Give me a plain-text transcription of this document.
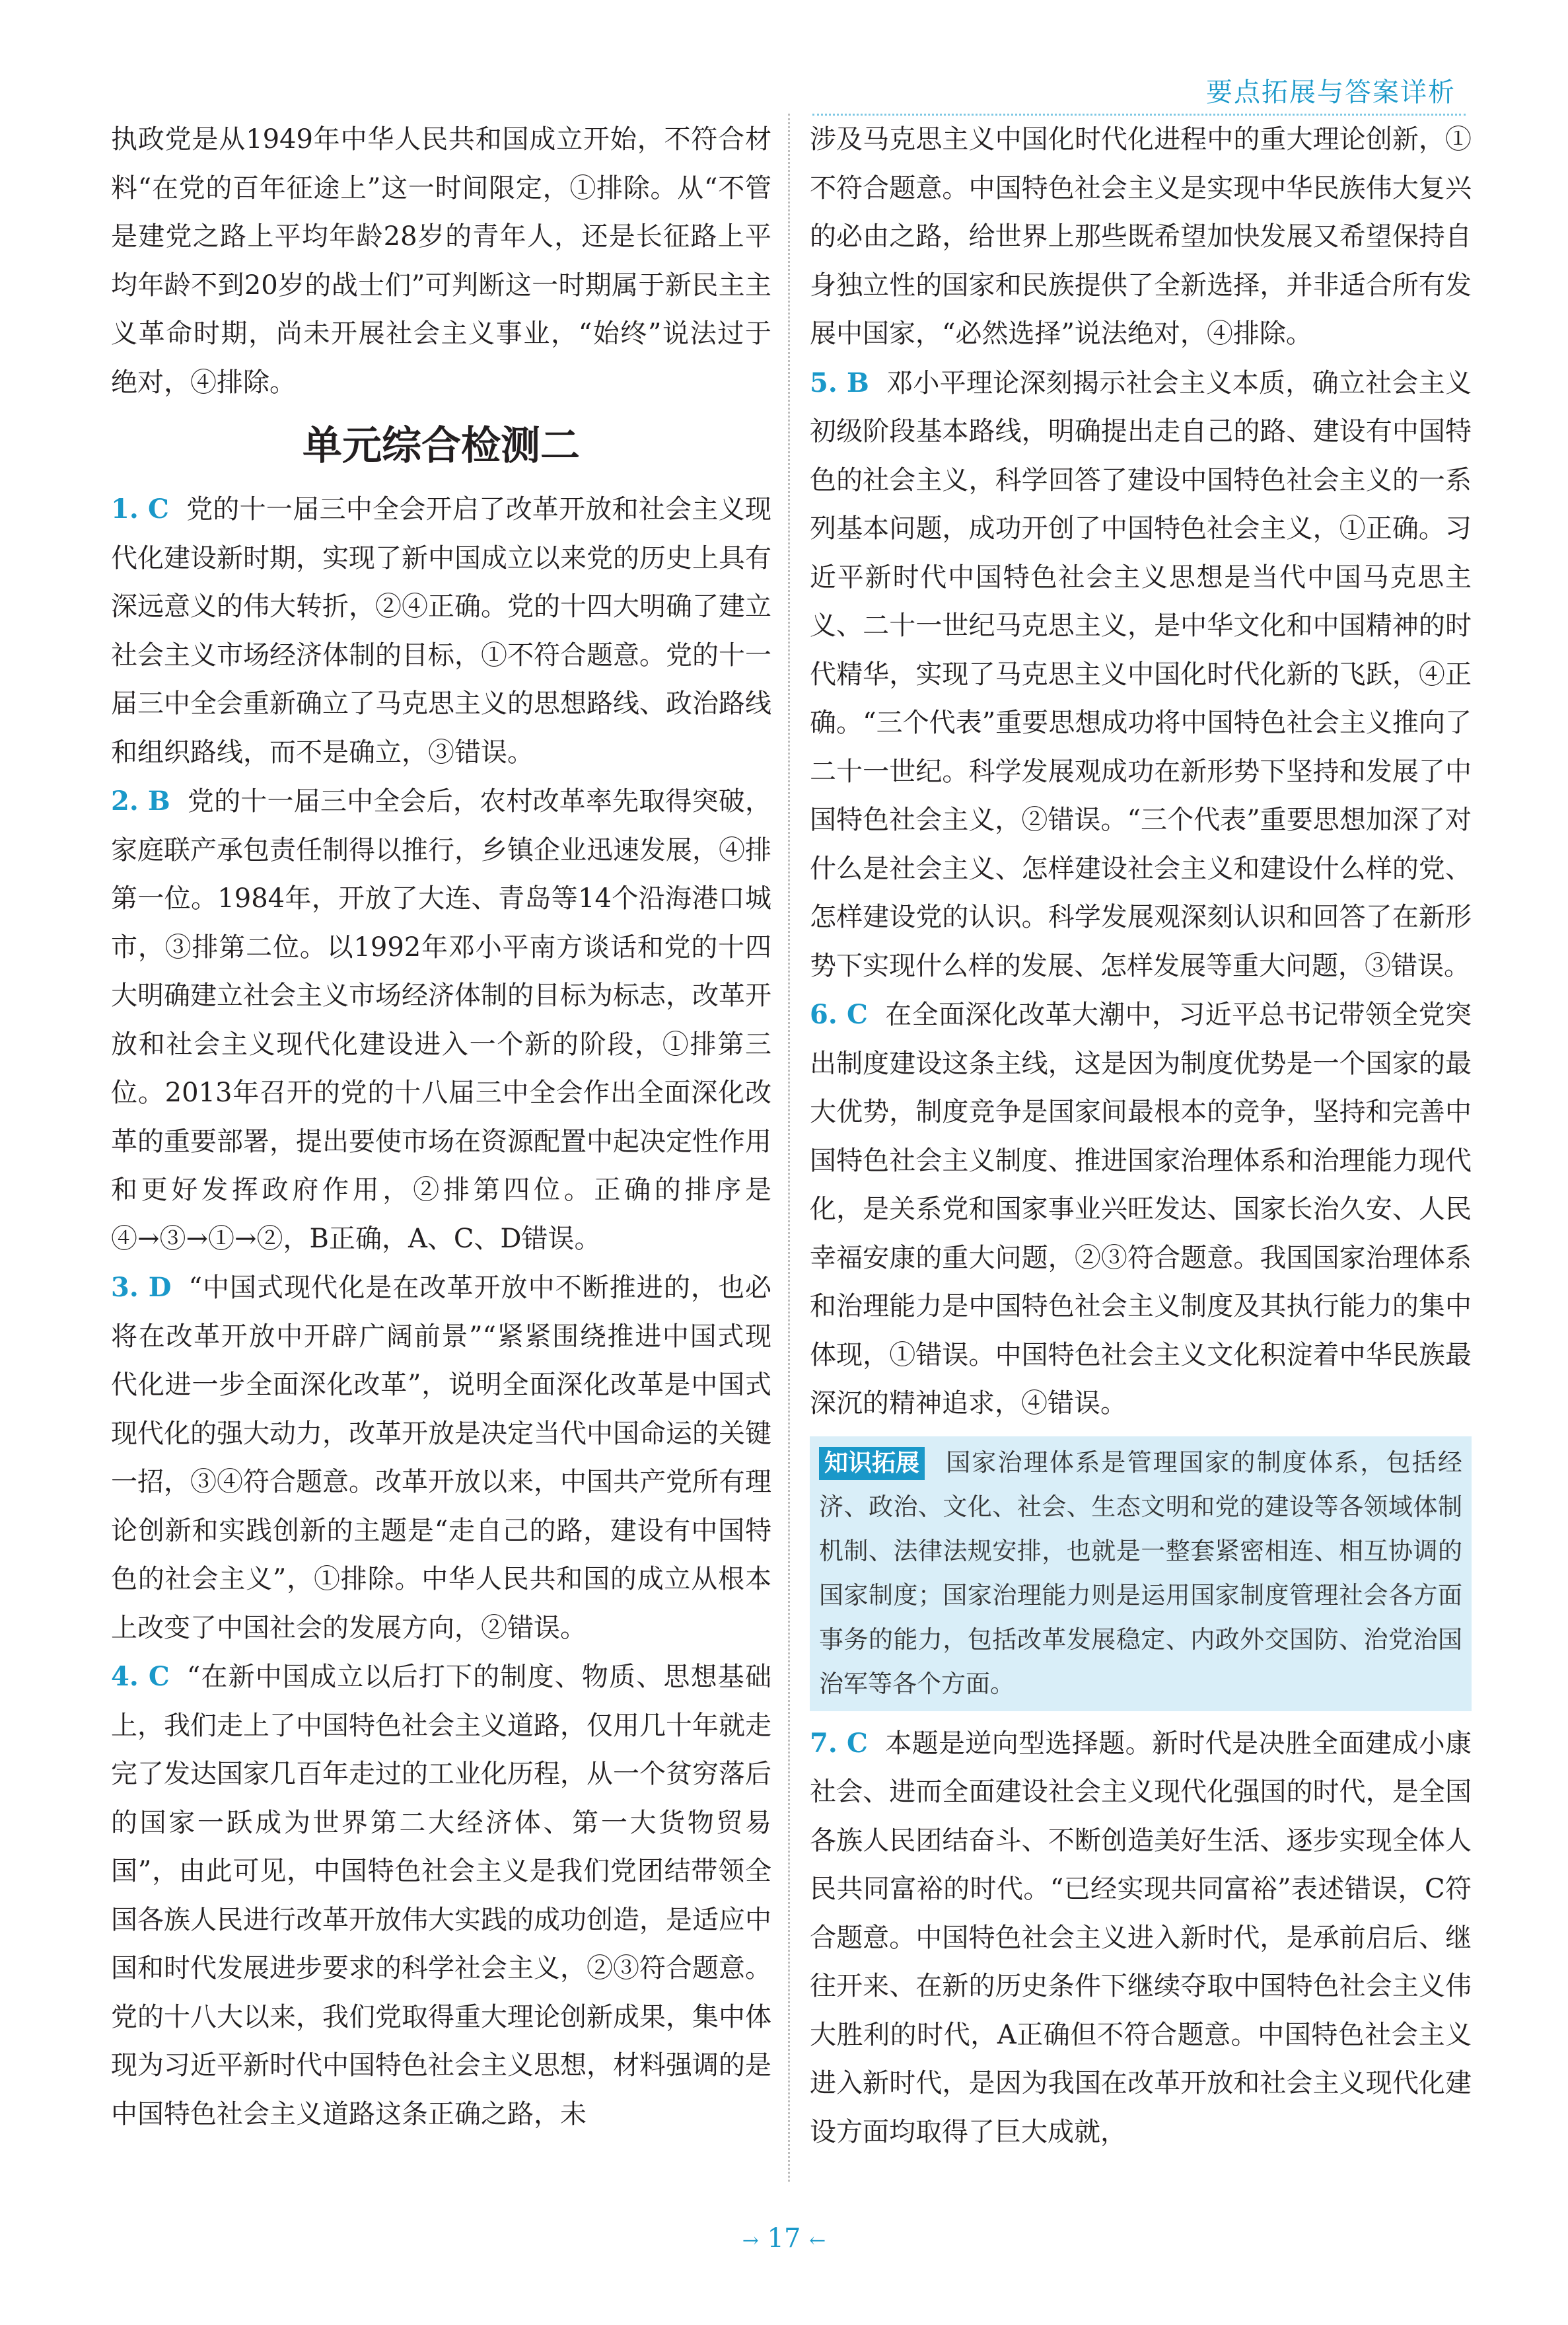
要点拓展与答案详析

执政党是从1949年中华人民共和国成立开始，不符合材料“在党的百年征途上”这一时间限定，①排除。从“不管是建党之路上平均年龄28岁的青年人，还是长征路上平均年龄不到20岁的战士们”可判断这一时期属于新民主主义革命时期，尚未开展社会主义事业，“始终”说法过于绝对，④排除。

单元综合检测二

1. C 党的十一届三中全会开启了改革开放和社会主义现代化建设新时期，实现了新中国成立以来党的历史上具有深远意义的伟大转折，②④正确。党的十四大明确了建立社会主义市场经济体制的目标，①不符合题意。党的十一届三中全会重新确立了马克思主义的思想路线、政治路线和组织路线，而不是确立，③错误。

2. B 党的十一届三中全会后，农村改革率先取得突破，家庭联产承包责任制得以推行，乡镇企业迅速发展，④排第一位。1984年，开放了大连、青岛等14个沿海港口城市，③排第二位。以1992年邓小平南方谈话和党的十四大明确建立社会主义市场经济体制的目标为标志，改革开放和社会主义现代化建设进入一个新的阶段，①排第三位。2013年召开的党的十八届三中全会作出全面深化改革的重要部署，提出要使市场在资源配置中起决定性作用和更好发挥政府作用，②排第四位。正确的排序是④→③→①→②，B正确，A、C、D错误。

3. D “中国式现代化是在改革开放中不断推进的，也必将在改革开放中开辟广阔前景”“紧紧围绕推进中国式现代化进一步全面深化改革”，说明全面深化改革是中国式现代化的强大动力，改革开放是决定当代中国命运的关键一招，③④符合题意。改革开放以来，中国共产党所有理论创新和实践创新的主题是“走自己的路，建设有中国特色的社会主义”，①排除。中华人民共和国的成立从根本上改变了中国社会的发展方向，②错误。

4. C “在新中国成立以后打下的制度、物质、思想基础上，我们走上了中国特色社会主义道路，仅用几十年就走完了发达国家几百年走过的工业化历程，从一个贫穷落后的国家一跃成为世界第二大经济体、第一大货物贸易国”，由此可见，中国特色社会主义是我们党团结带领全国各族人民进行改革开放伟大实践的成功创造，是适应中国和时代发展进步要求的科学社会主义，②③符合题意。党的十八大以来，我们党取得重大理论创新成果，集中体现为习近平新时代中国特色社会主义思想，材料强调的是中国特色社会主义道路这条正确之路，未

涉及马克思主义中国化时代化进程中的重大理论创新，①不符合题意。中国特色社会主义是实现中华民族伟大复兴的必由之路，给世界上那些既希望加快发展又希望保持自身独立性的国家和民族提供了全新选择，并非适合所有发展中国家，“必然选择”说法绝对，④排除。

5. B 邓小平理论深刻揭示社会主义本质，确立社会主义初级阶段基本路线，明确提出走自己的路、建设有中国特色的社会主义，科学回答了建设中国特色社会主义的一系列基本问题，成功开创了中国特色社会主义，①正确。习近平新时代中国特色社会主义思想是当代中国马克思主义、二十一世纪马克思主义，是中华文化和中国精神的时代精华，实现了马克思主义中国化时代化新的飞跃，④正确。“三个代表”重要思想成功将中国特色社会主义推向了二十一世纪。科学发展观成功在新形势下坚持和发展了中国特色社会主义，②错误。“三个代表”重要思想加深了对什么是社会主义、怎样建设社会主义和建设什么样的党、怎样建设党的认识。科学发展观深刻认识和回答了在新形势下实现什么样的发展、怎样发展等重大问题，③错误。

6. C 在全面深化改革大潮中，习近平总书记带领全党突出制度建设这条主线，这是因为制度优势是一个国家的最大优势，制度竞争是国家间最根本的竞争，坚持和完善中国特色社会主义制度、推进国家治理体系和治理能力现代化，是关系党和国家事业兴旺发达、国家长治久安、人民幸福安康的重大问题，②③符合题意。我国国家治理体系和治理能力是中国特色社会主义制度及其执行能力的集中体现，①错误。中国特色社会主义文化积淀着中华民族最深沉的精神追求，④错误。

知识拓展 国家治理体系是管理国家的制度体系，包括经济、政治、文化、社会、生态文明和党的建设等各领域体制机制、法律法规安排，也就是一整套紧密相连、相互协调的国家制度；国家治理能力则是运用国家制度管理社会各方面事务的能力，包括改革发展稳定、内政外交国防、治党治国治军等各个方面。

7. C 本题是逆向型选择题。新时代是决胜全面建成小康社会、进而全面建设社会主义现代化强国的时代，是全国各族人民团结奋斗、不断创造美好生活、逐步实现全体人民共同富裕的时代。“已经实现共同富裕”表述错误，C符合题意。中国特色社会主义进入新时代，是承前启后、继往开来、在新的历史条件下继续夺取中国特色社会主义伟大胜利的时代，A正确但不符合题意。中国特色社会主义进入新时代，是因为我国在改革开放和社会主义现代化建设方面均取得了巨大成就，

→ 17 ←
